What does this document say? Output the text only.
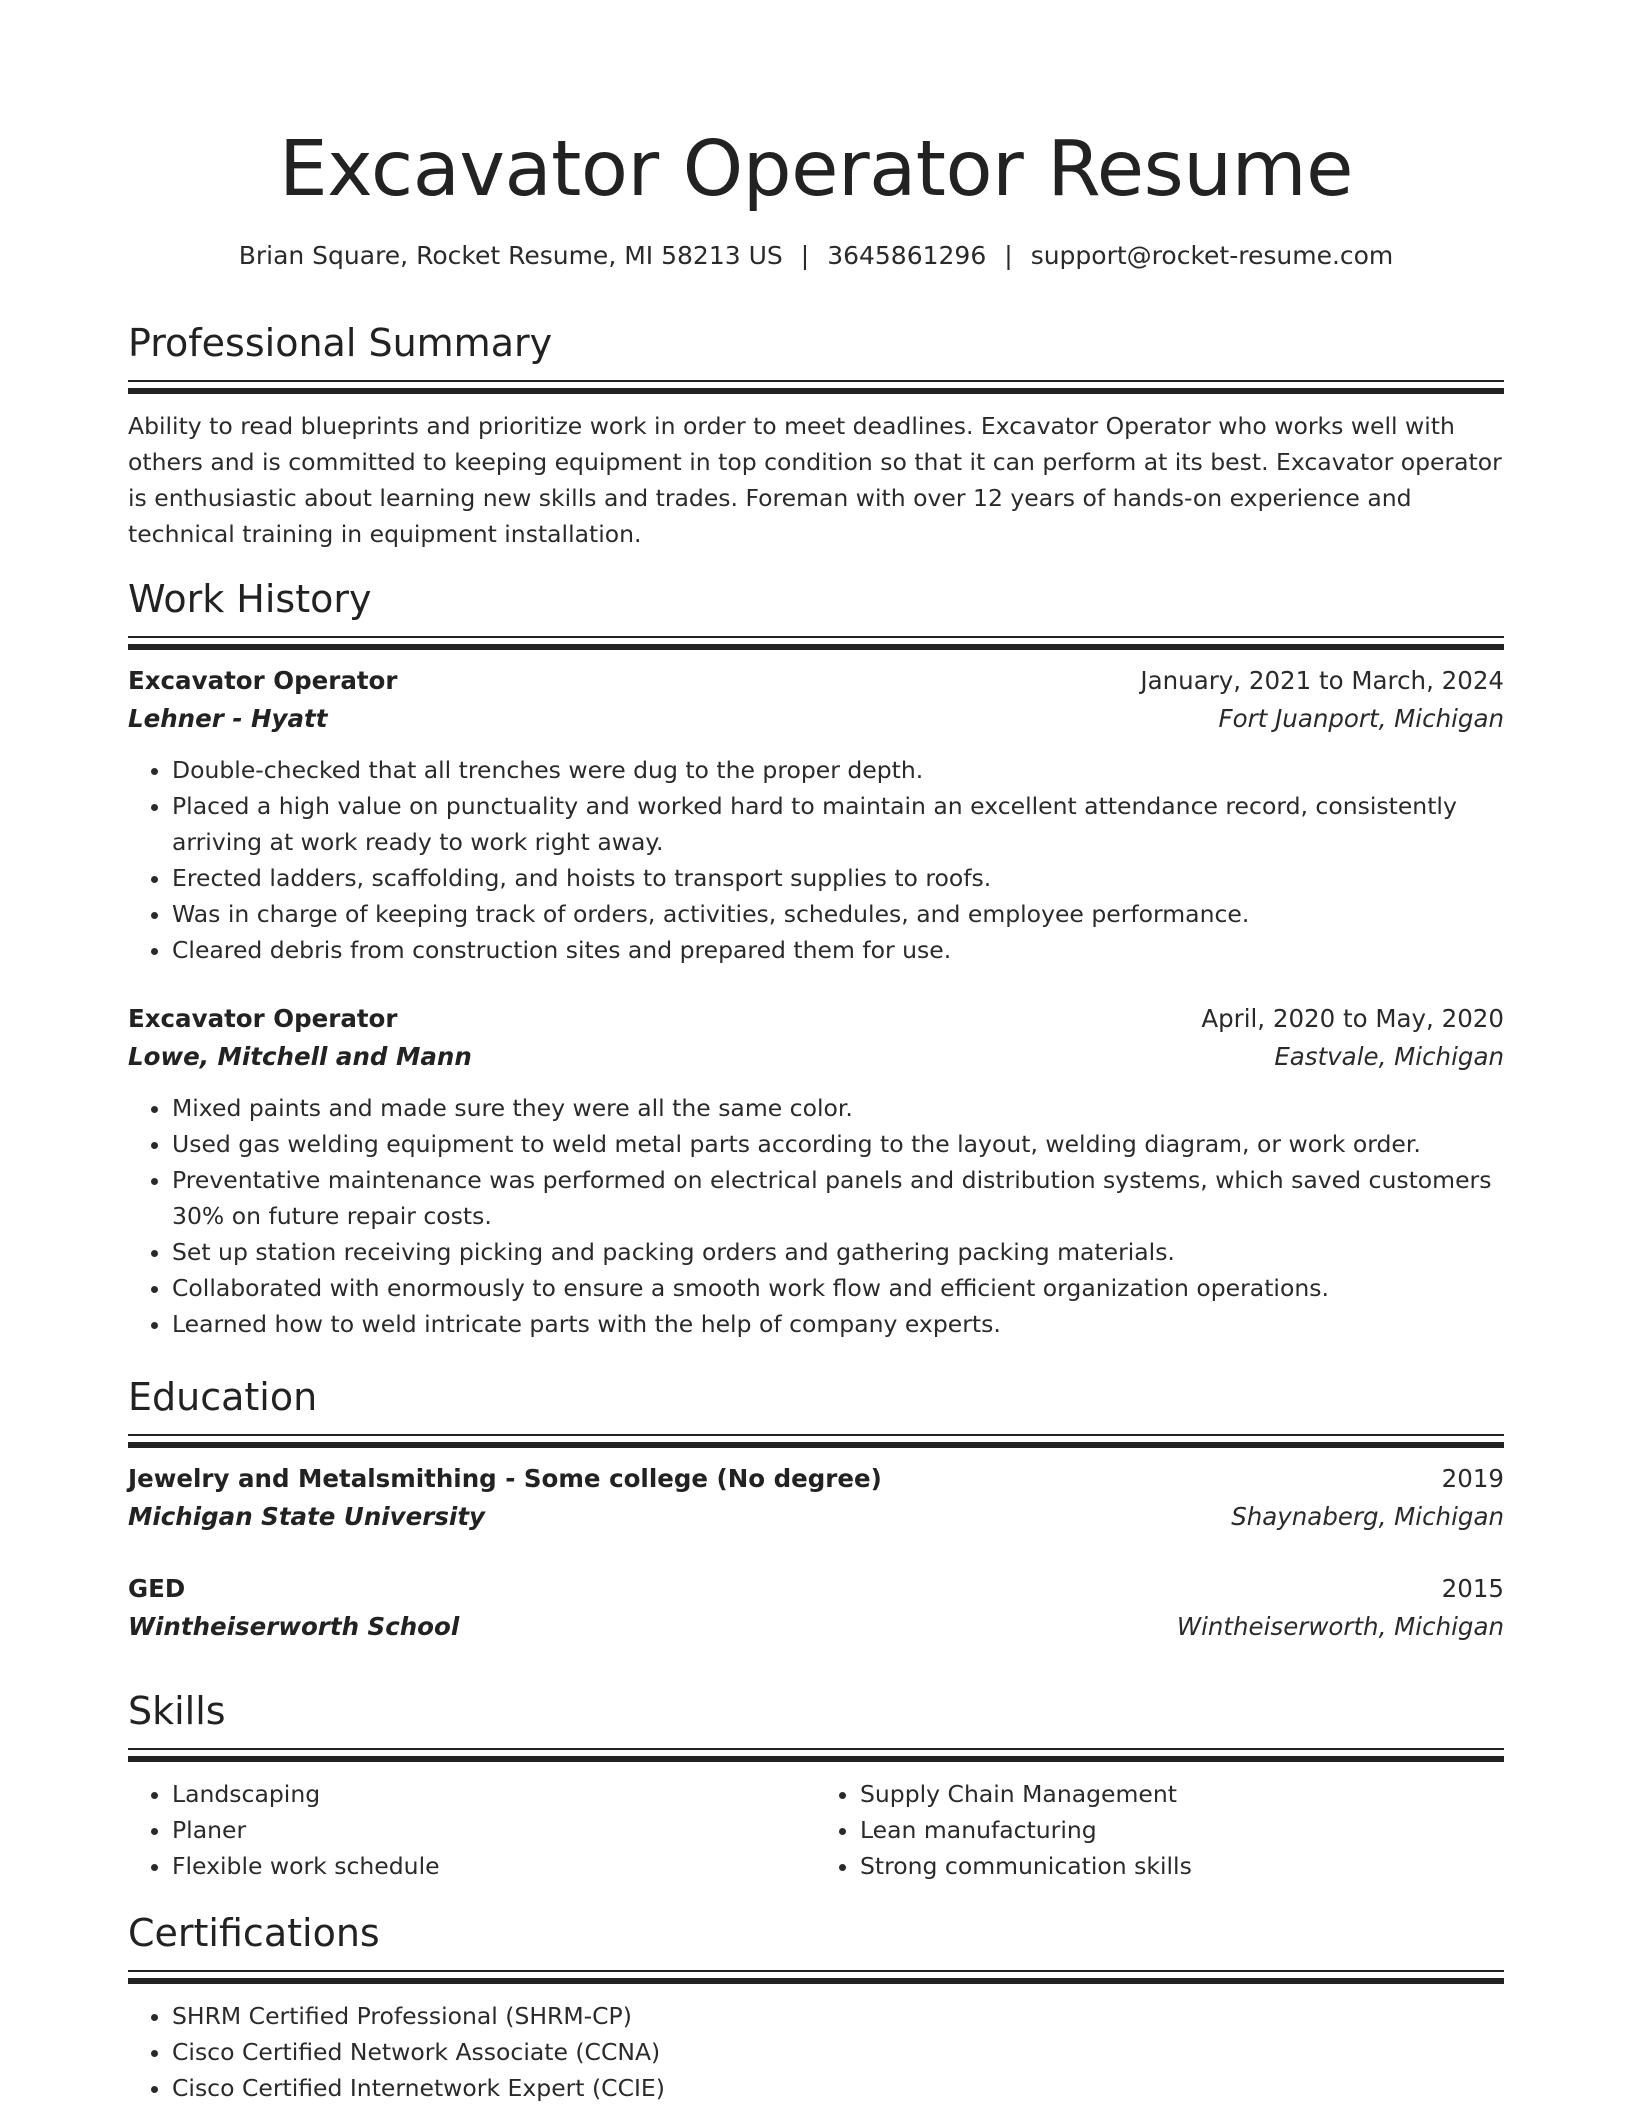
Excavator Operator Resume
Brian Square, Rocket Resume, MI 58213 US | 3645861296 | support@rocket-resume.com
Professional Summary
Ability to read blueprints and prioritize work in order to meet deadlines. Excavator Operator who works well with others and is committed to keeping equipment in top condition so that it can perform at its best. Excavator operator is enthusiastic about learning new skills and trades. Foreman with over 12 years of hands-on experience and technical training in equipment installation.
Work History
Excavator Operator	January, 2021 to March, 2024
Lehner - Hyatt	Fort Juanport, Michigan
• Double-checked that all trenches were dug to the proper depth.
• Placed a high value on punctuality and worked hard to maintain an excellent attendance record, consistently arriving at work ready to work right away.
• Erected ladders, scaffolding, and hoists to transport supplies to roofs.
• Was in charge of keeping track of orders, activities, schedules, and employee performance.
• Cleared debris from construction sites and prepared them for use.
Excavator Operator	April, 2020 to May, 2020
Lowe, Mitchell and Mann	Eastvale, Michigan
• Mixed paints and made sure they were all the same color.
• Used gas welding equipment to weld metal parts according to the layout, welding diagram, or work order.
• Preventative maintenance was performed on electrical panels and distribution systems, which saved customers 30% on future repair costs.
• Set up station receiving picking and packing orders and gathering packing materials.
• Collaborated with enormously to ensure a smooth work flow and efficient organization operations.
• Learned how to weld intricate parts with the help of company experts.
Education
Jewelry and Metalsmithing - Some college (No degree)	2019
Michigan State University	Shaynaberg, Michigan
GED	2015
Wintheiserworth School	Wintheiserworth, Michigan
Skills
• Landscaping
• Planer
• Flexible work schedule
• Supply Chain Management
• Lean manufacturing
• Strong communication skills
Certifications
• SHRM Certified Professional (SHRM-CP)
• Cisco Certified Network Associate (CCNA)
• Cisco Certified Internetwork Expert (CCIE)
